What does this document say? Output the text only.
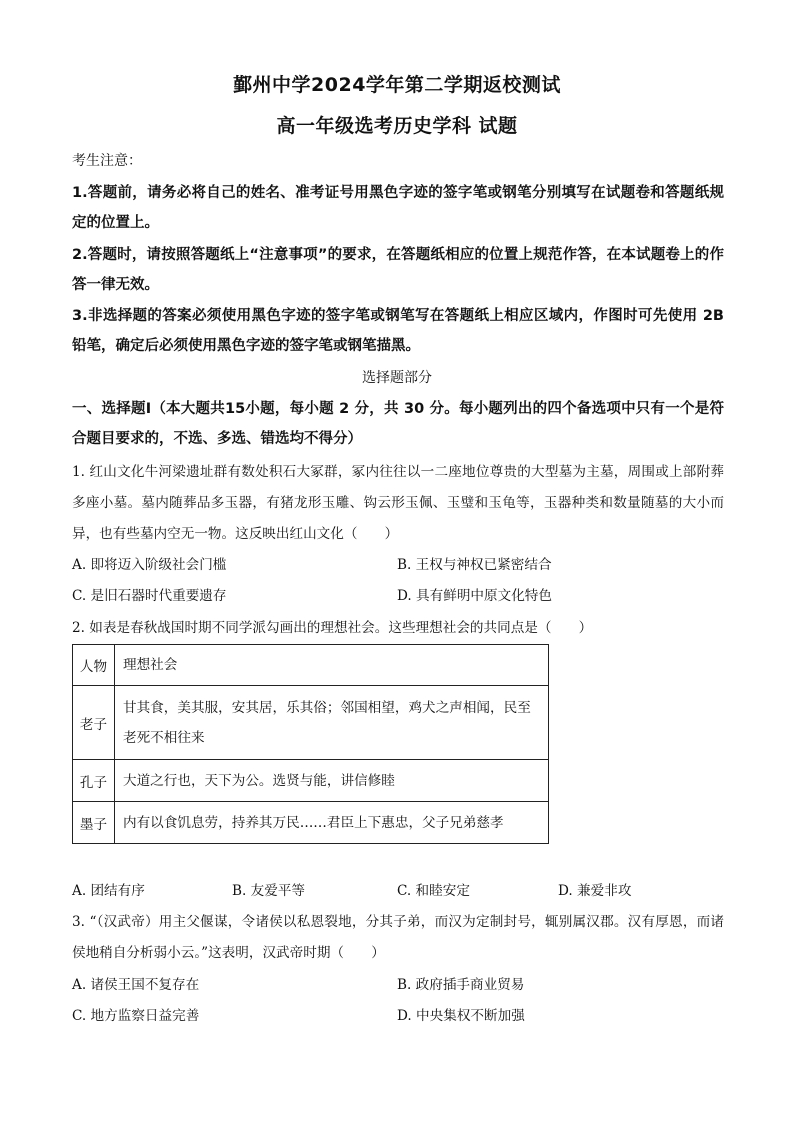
鄞州中学2024学年第二学期返校测试
高一年级选考历史学科 试题
考生注意：
1.答题前，请务必将自己的姓名、准考证号用黑色字迹的签字笔或钢笔分别填写在试题卷和答题纸规定的位置上。
2.答题时，请按照答题纸上“注意事项”的要求，在答题纸相应的位置上规范作答，在本试题卷上的作答一律无效。
3.非选择题的答案必须使用黑色字迹的签字笔或钢笔写在答题纸上相应区域内，作图时可先使用 2B 铅笔，确定后必须使用黑色字迹的签字笔或钢笔描黑。
选择题部分
一、选择题Ⅰ（本大题共15小题，每小题 2 分，共 30 分。每小题列出的四个备选项中只有一个是符合题目要求的，不选、多选、错选均不得分）
1. 红山文化牛河梁遗址群有数处积石大冢群，冢内往往以一二座地位尊贵的大型墓为主墓，周围或上部附葬多座小墓。墓内随葬品多玉器，有猪龙形玉雕、钩云形玉佩、玉璧和玉龟等，玉器种类和数量随墓的大小而异，也有些墓内空无一物。这反映出红山文化（　　）
A. 即将迈入阶级社会门槛	B. 王权与神权已紧密结合
C. 是旧石器时代重要遗存	D. 具有鲜明中原文化特色
2. 如表是春秋战国时期不同学派勾画出的理想社会。这些理想社会的共同点是（　　）
人物	理想社会
老子	甘其食，美其服，安其居，乐其俗；邻国相望，鸡犬之声相闻，民至老死不相往来
孔子	大道之行也，天下为公。选贤与能，讲信修睦
墨子	内有以食饥息劳，持养其万民……君臣上下惠忠，父子兄弟慈孝
A. 团结有序	B. 友爱平等	C. 和睦安定	D. 兼爱非攻
3. “（汉武帝）用主父偃谋，令诸侯以私恩裂地，分其子弟，而汉为定制封号，辄别属汉郡。汉有厚恩，而诸侯地稍自分析弱小云。”这表明，汉武帝时期（　　）
A. 诸侯王国不复存在	B. 政府插手商业贸易
C. 地方监察日益完善	D. 中央集权不断加强
